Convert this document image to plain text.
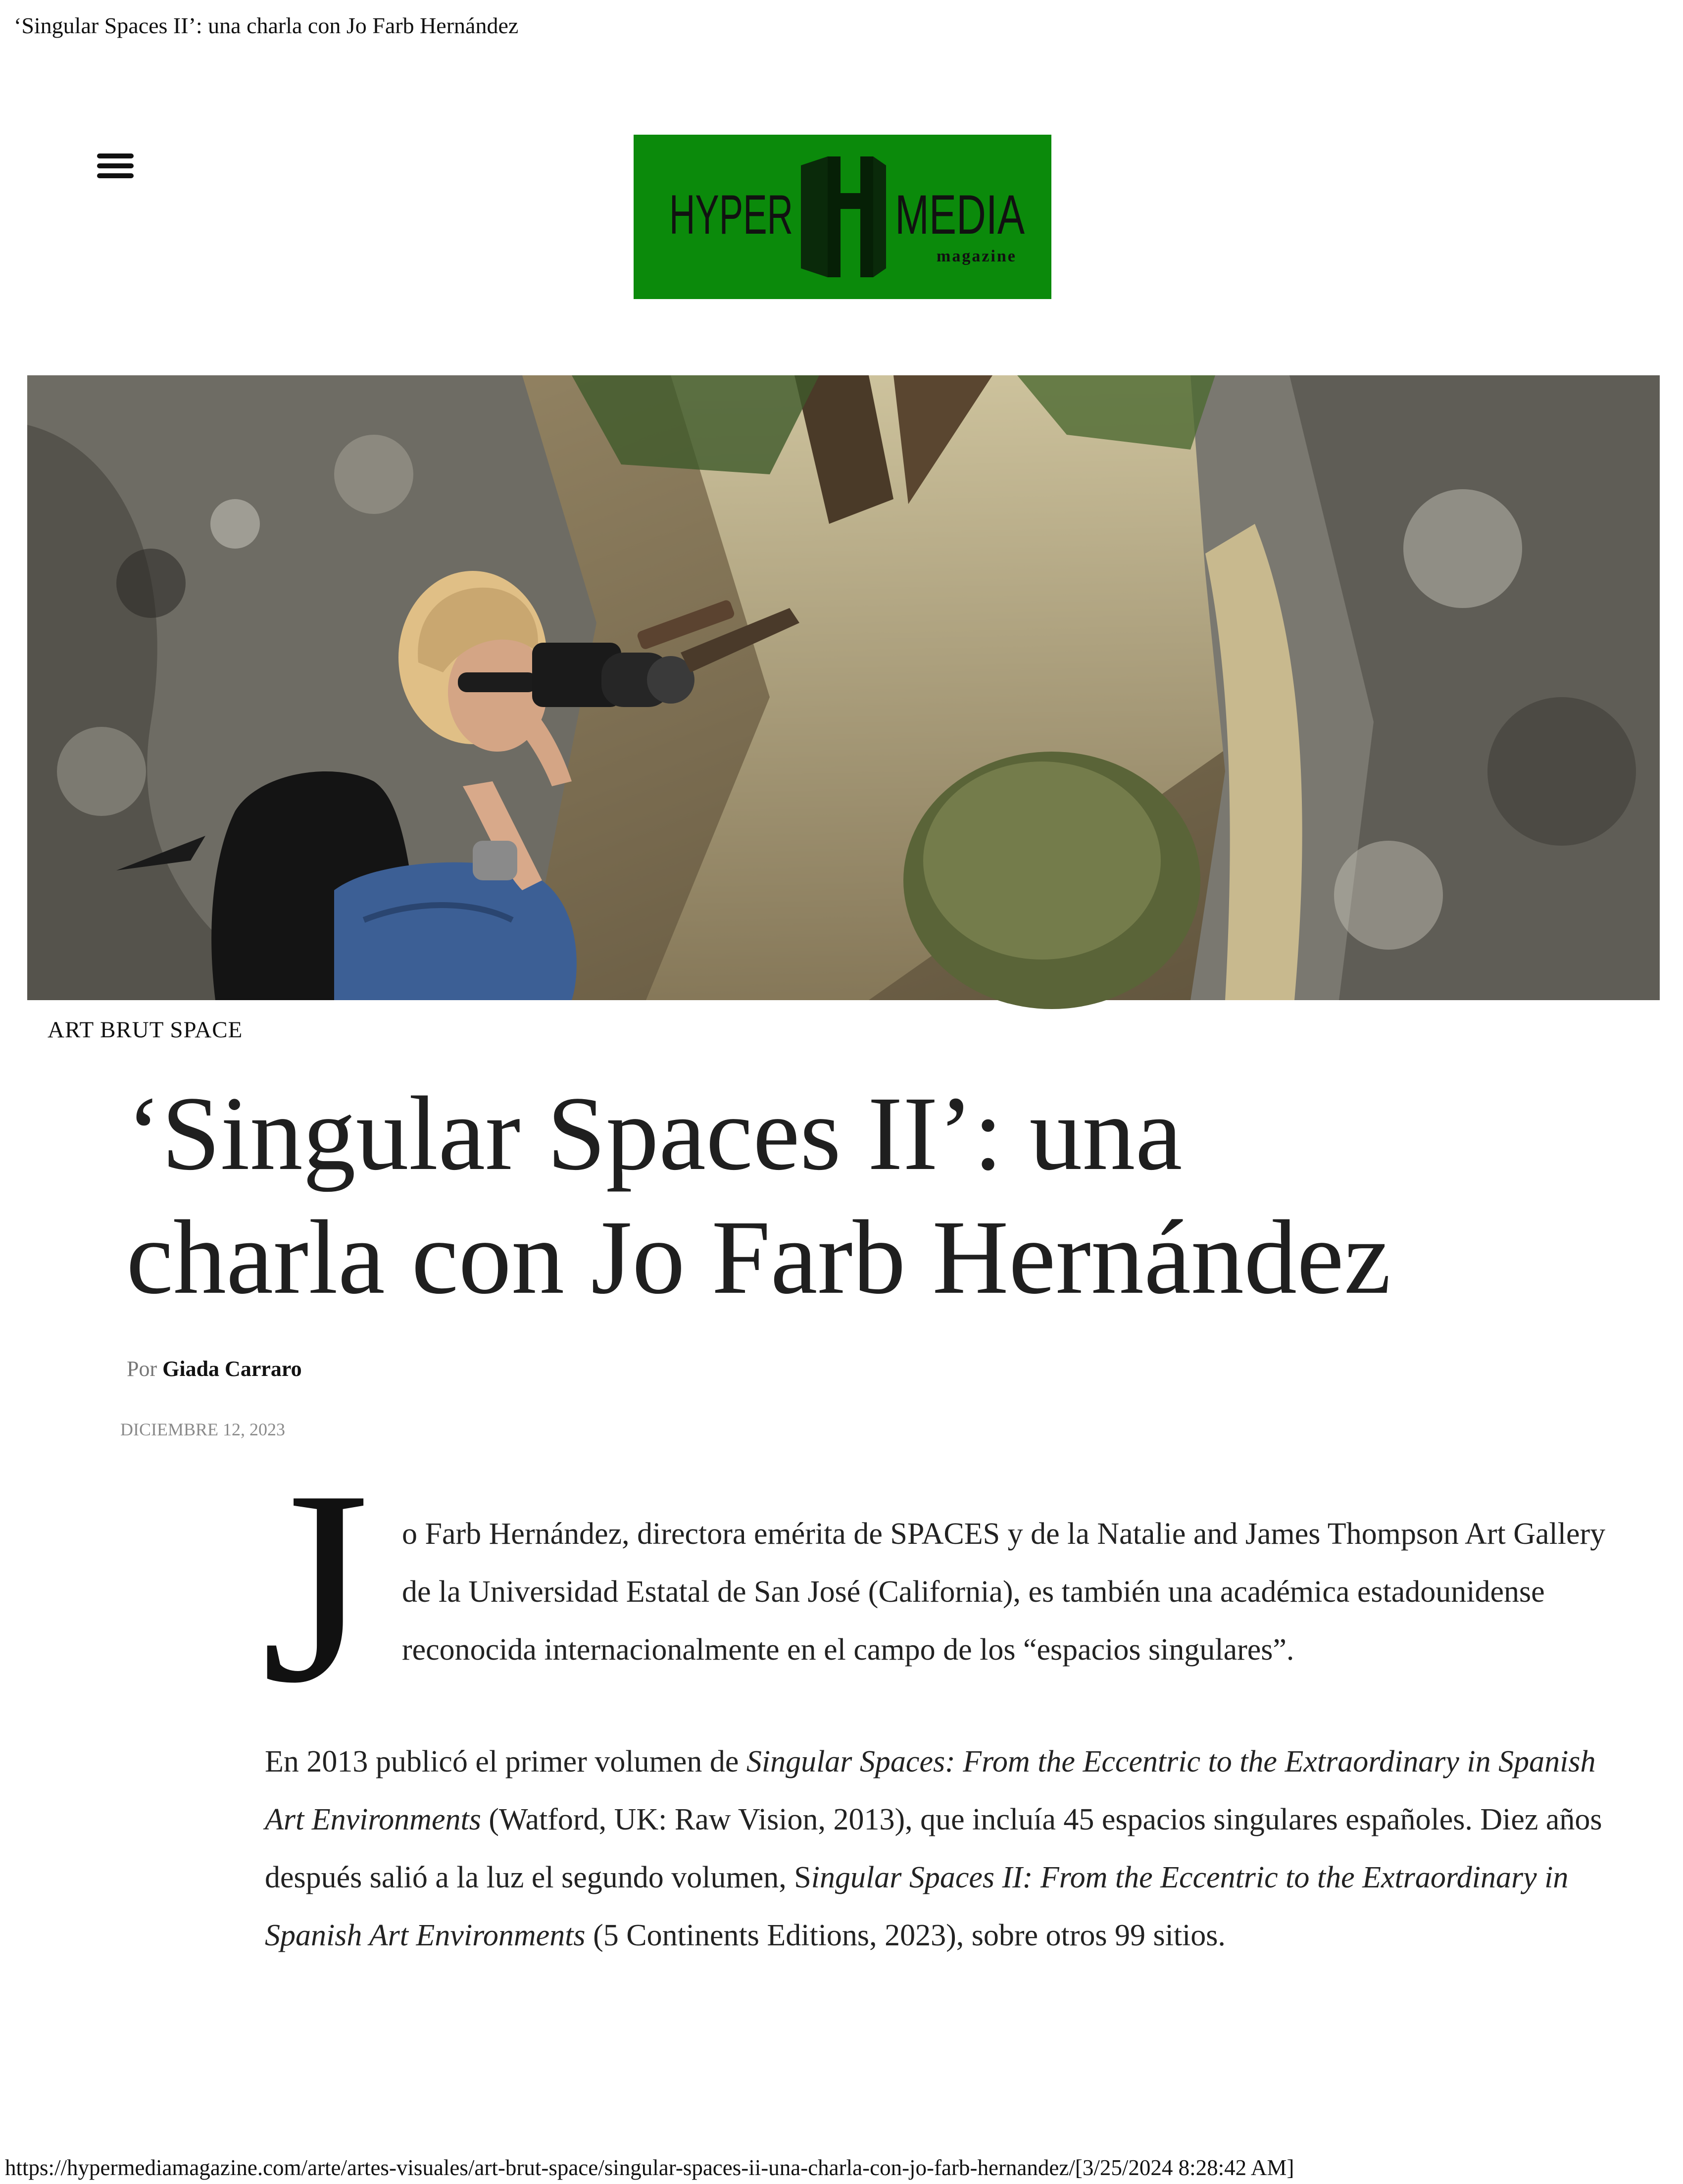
‘Singular Spaces II’: una charla con Jo Farb Hernández
HYPER MEDIA
magazine
ART BRUT SPACE
‘Singular Spaces II’: una charla con Jo Farb Hernández
Por Giada Carraro
DICIEMBRE 12, 2023
J o Farb Hernández, directora emérita de SPACES y de la Natalie and James Thompson Art Gallery de la Universidad Estatal de San José (California), es también una académica estadounidense reconocida internacionalmente en el campo de los “espacios singulares”.

En 2013 publicó el primer volumen de Singular Spaces: From the Eccentric to the Extraordinary in Spanish Art Environments (Watford, UK: Raw Vision, 2013), que incluía 45 espacios singulares españoles. Diez años después salió a la luz el segundo volumen, Singular Spaces II: From the Eccentric to the Extraordinary in Spanish Art Environments (5 Continents Editions, 2023), sobre otros 99 sitios.

https://hypermediamagazine.com/arte/artes-visuales/art-brut-space/singular-spaces-ii-una-charla-con-jo-farb-hernandez/[3/25/2024 8:28:42 AM]
